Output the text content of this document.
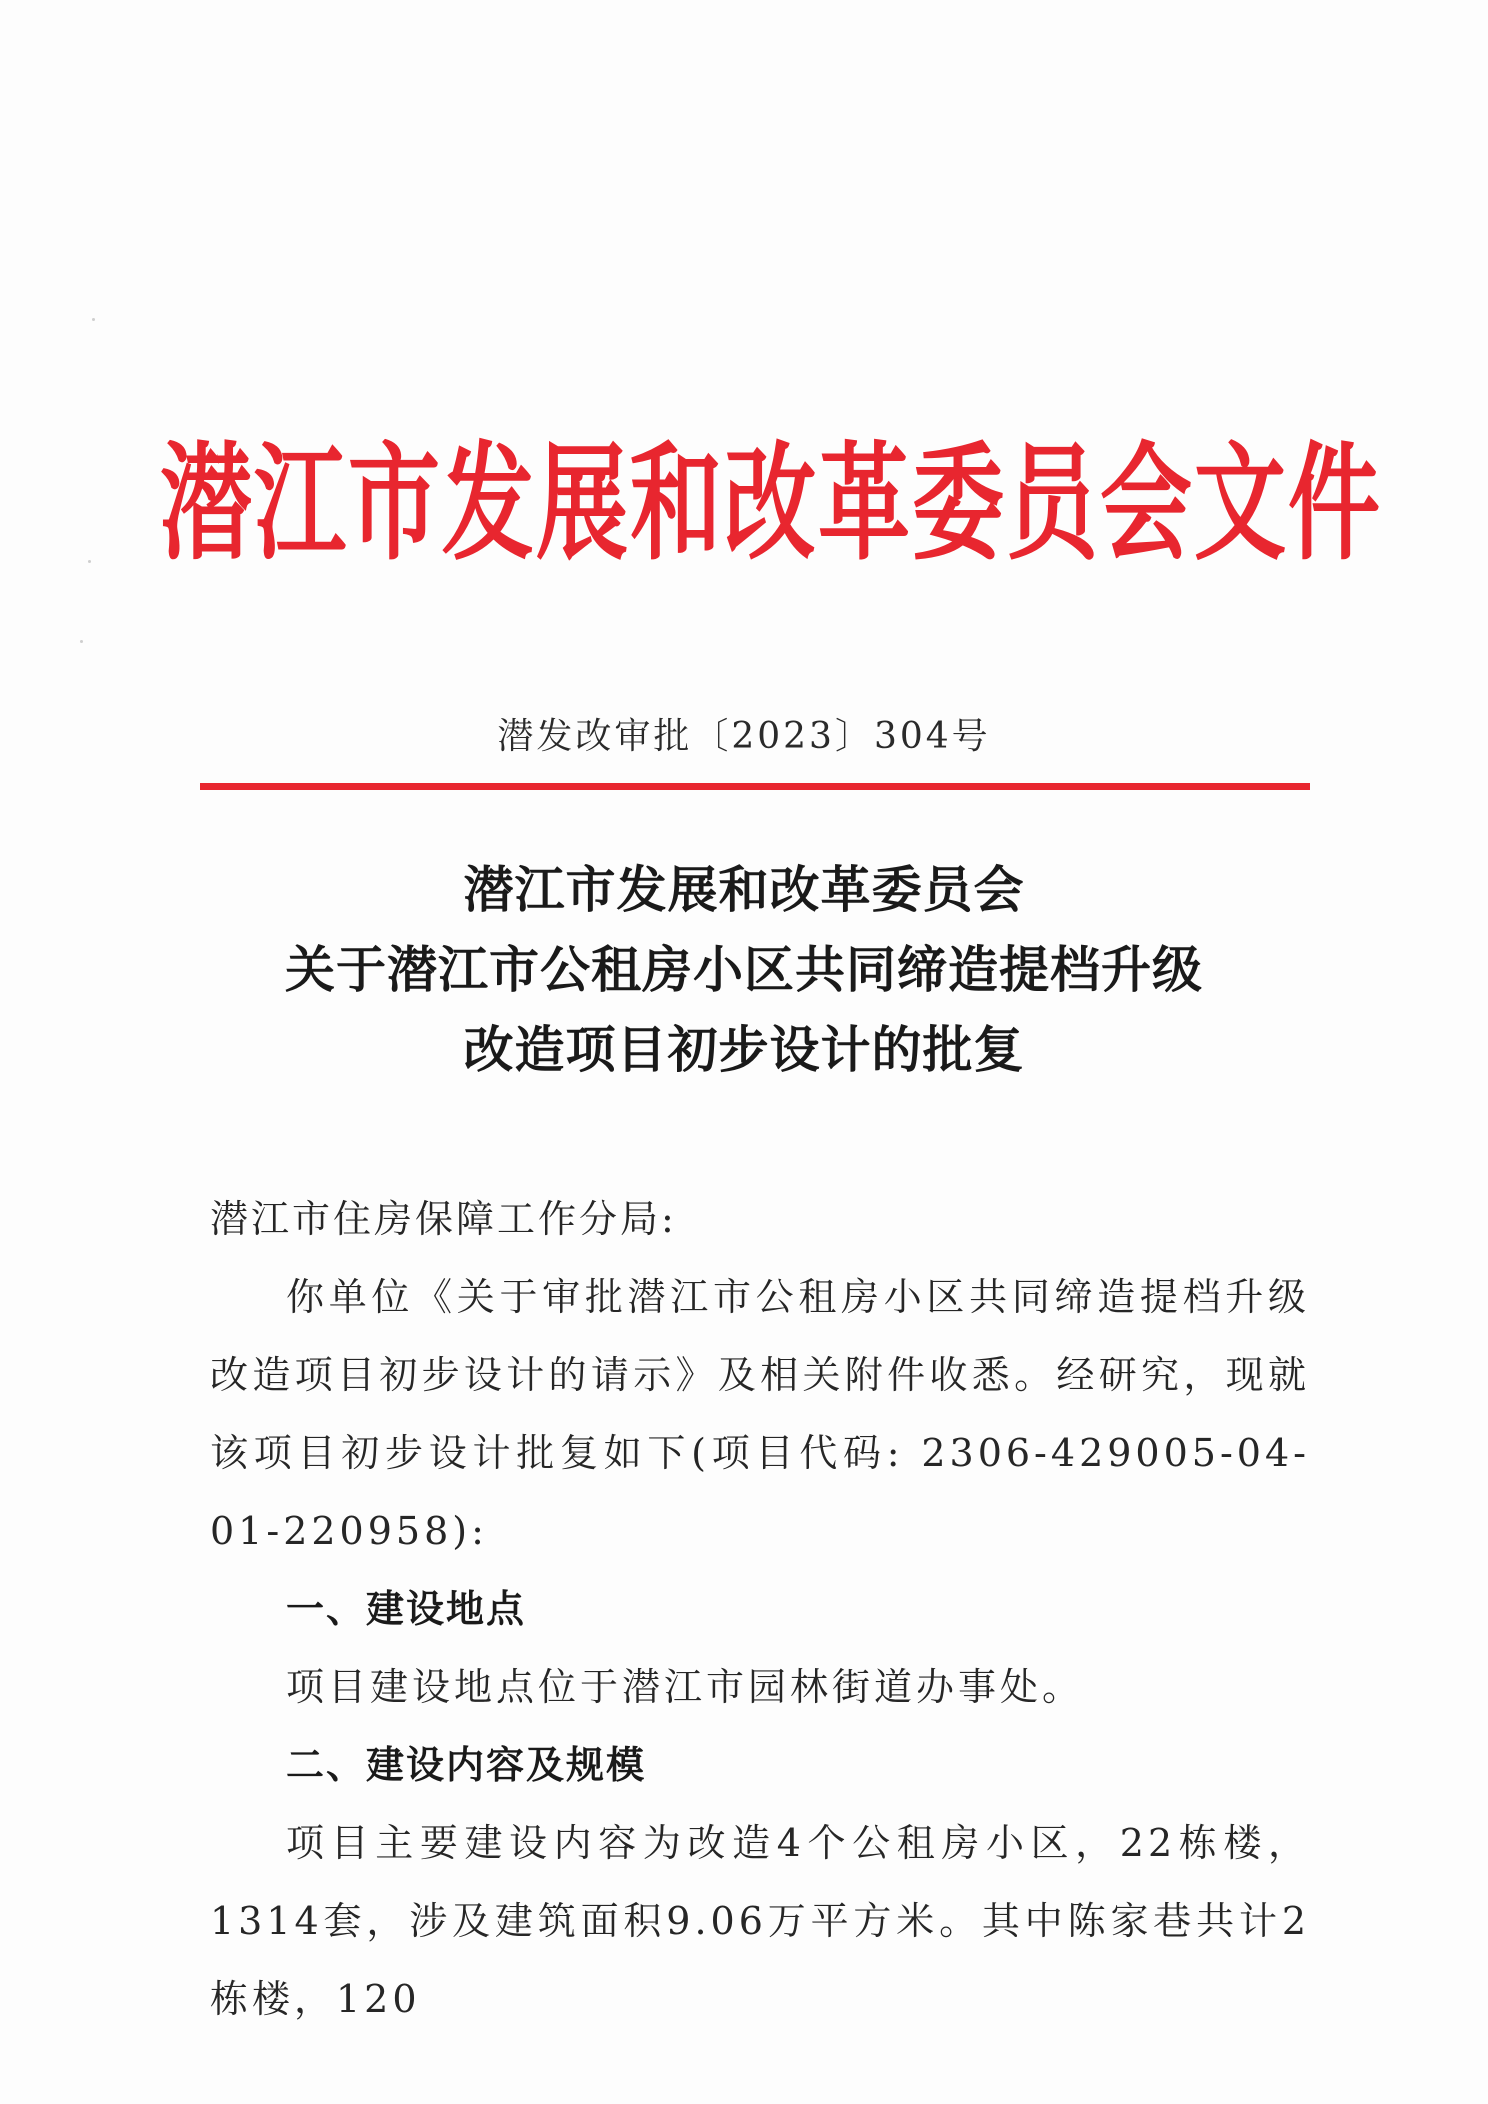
潜江市发展和改革委员会文件
潜发改审批〔2023〕304号
潜江市发展和改革委员会
关于潜江市公租房小区共同缔造提档升级
改造项目初步设计的批复
潜江市住房保障工作分局:
你单位《关于审批潜江市公租房小区共同缔造提档升级改造项目初步设计的请示》及相关附件收悉。经研究，现就该项目初步设计批复如下(项目代码: 2306-429005-04-01-220958):
一、建设地点
项目建设地点位于潜江市园林街道办事处。
二、建设内容及规模
项目主要建设内容为改造4个公租房小区，22栋楼，1314套，涉及建筑面积9.06万平方米。其中陈家巷共计2栋楼，120
